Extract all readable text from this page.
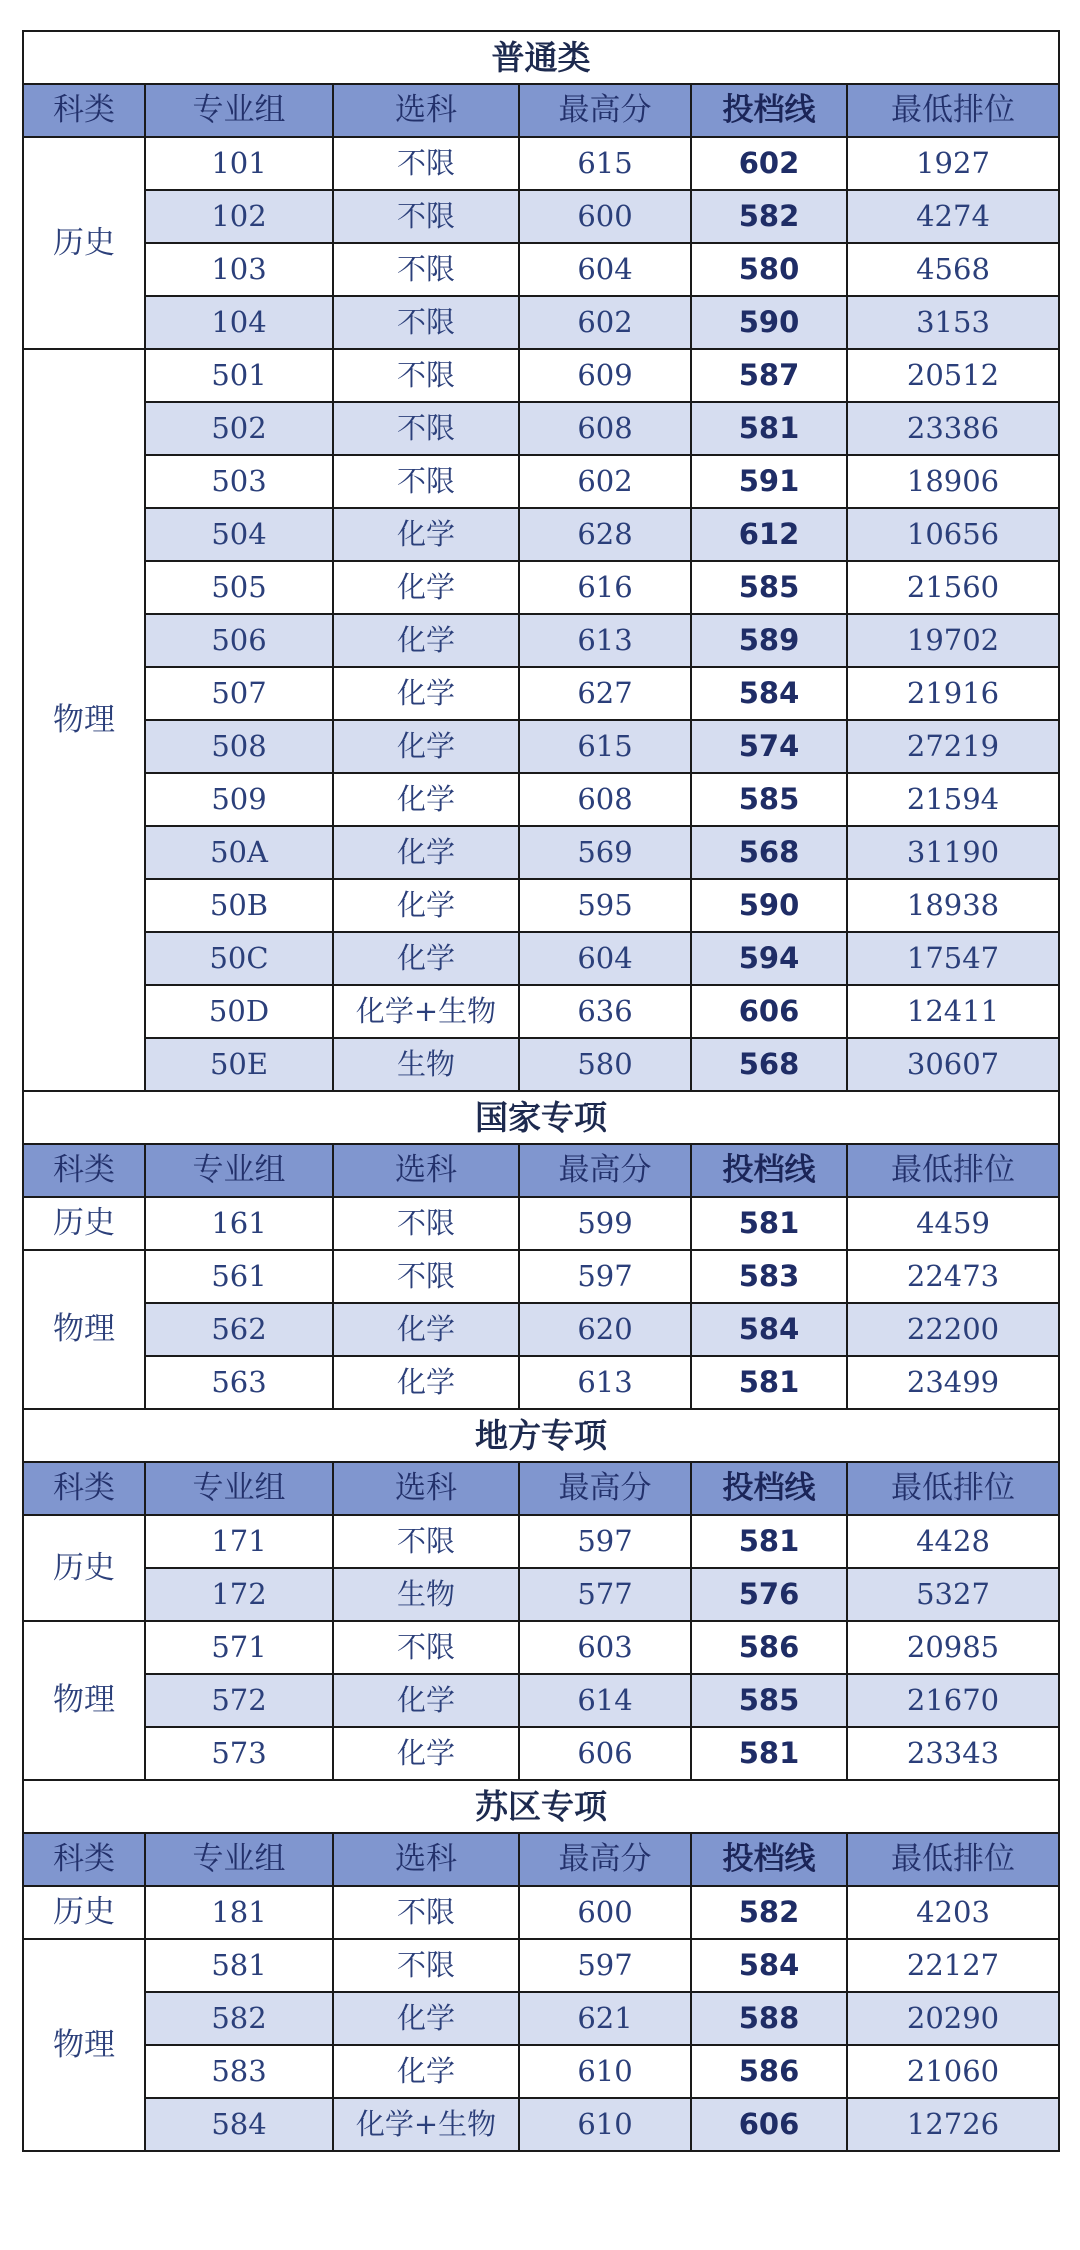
普通类					
科类	专业组	选科	最高分	投档线	最低排位
历史	101	不限	615	602	1927
	102	不限	600	582	4274
	103	不限	604	580	4568
	104	不限	602	590	3153
物理	501	不限	609	587	20512
	502	不限	608	581	23386
	503	不限	602	591	18906
	504	化学	628	612	10656
	505	化学	616	585	21560
	506	化学	613	589	19702
	507	化学	627	584	21916
	508	化学	615	574	27219
	509	化学	608	585	21594
	50A	化学	569	568	31190
	50B	化学	595	590	18938
	50C	化学	604	594	17547
	50D	化学+生物	636	606	12411
	50E	生物	580	568	30607
国家专项					
科类	专业组	选科	最高分	投档线	最低排位
历史	161	不限	599	581	4459
物理	561	不限	597	583	22473
	562	化学	620	584	22200
	563	化学	613	581	23499
地方专项					
科类	专业组	选科	最高分	投档线	最低排位
历史	171	不限	597	581	4428
	172	生物	577	576	5327
物理	571	不限	603	586	20985
	572	化学	614	585	21670
	573	化学	606	581	23343
苏区专项					
科类	专业组	选科	最高分	投档线	最低排位
历史	181	不限	600	582	4203
物理	581	不限	597	584	22127
	582	化学	621	588	20290
	583	化学	610	586	21060
	584	化学+生物	610	606	12726
